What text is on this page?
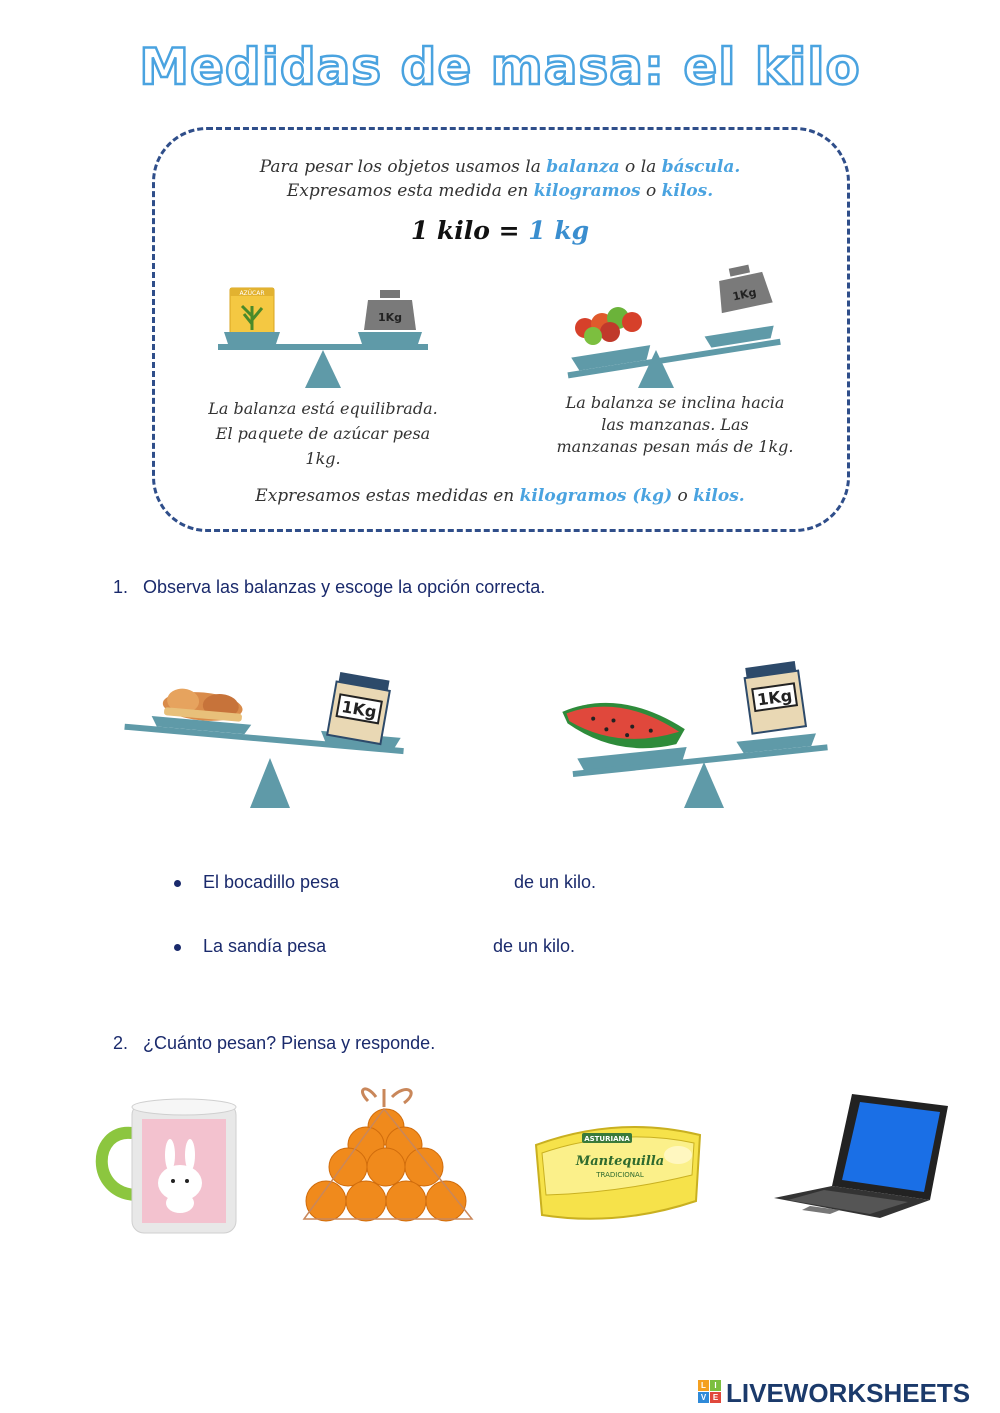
Medidas de masa: el kilo
Para pesar los objetos usamos la balanza o la báscula.
Expresamos esta medida en kilogramos o kilos.
1 kilo = 1 kg
AZÚCAR
1Kg
1Kg
La balanza está equilibrada.
El paquete de azúcar pesa
1kg.
La balanza se inclina hacia
las manzanas. Las
manzanas pesan más de 1kg.
Expresamos estas medidas en kilogramos (kg) o kilos.
1. Observa las balanzas y escoge la opción correcta.
1Kg	1Kg
El bocadillo pesa	de un kilo.
La sandía pesa	de un kilo.
2. ¿Cuánto pesan? Piensa y responde.
ASTURIANA
Mantequilla
TRADICIONAL
L	I
V E LIVEWORKSHEETS
